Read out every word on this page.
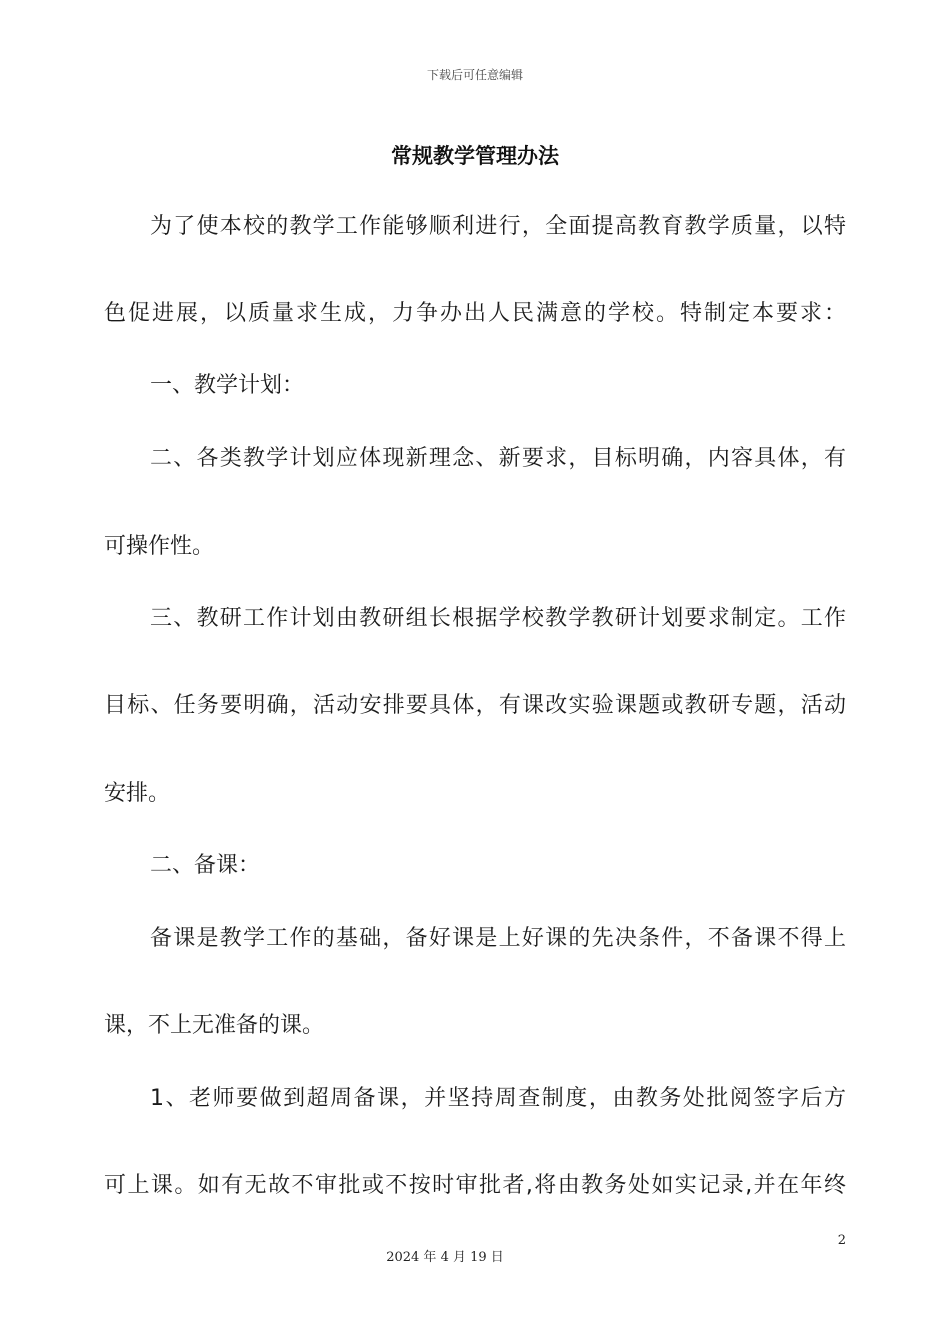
下载后可任意编辑
常规教学管理办法
为了使本校的教学工作能够顺利进行，全面提高教育教学质量，以特
色促进展，以质量求生成，力争办出人民满意的学校。特制定本要求：
一、教学计划：
二、各类教学计划应体现新理念、新要求，目标明确，内容具体，有
可操作性。
三、教研工作计划由教研组长根据学校教学教研计划要求制定。工作
目标、任务要明确，活动安排要具体，有课改实验课题或教研专题，活动
安排。
二、备课：
备课是教学工作的基础，备好课是上好课的先决条件，不备课不得上
课，不上无准备的课。
1、老师要做到超周备课，并坚持周查制度，由教务处批阅签字后方
可上课。如有无故不审批或不按时审批者,将由教务处如实记录,并在年终
2
2024 年 4 月 19 日
